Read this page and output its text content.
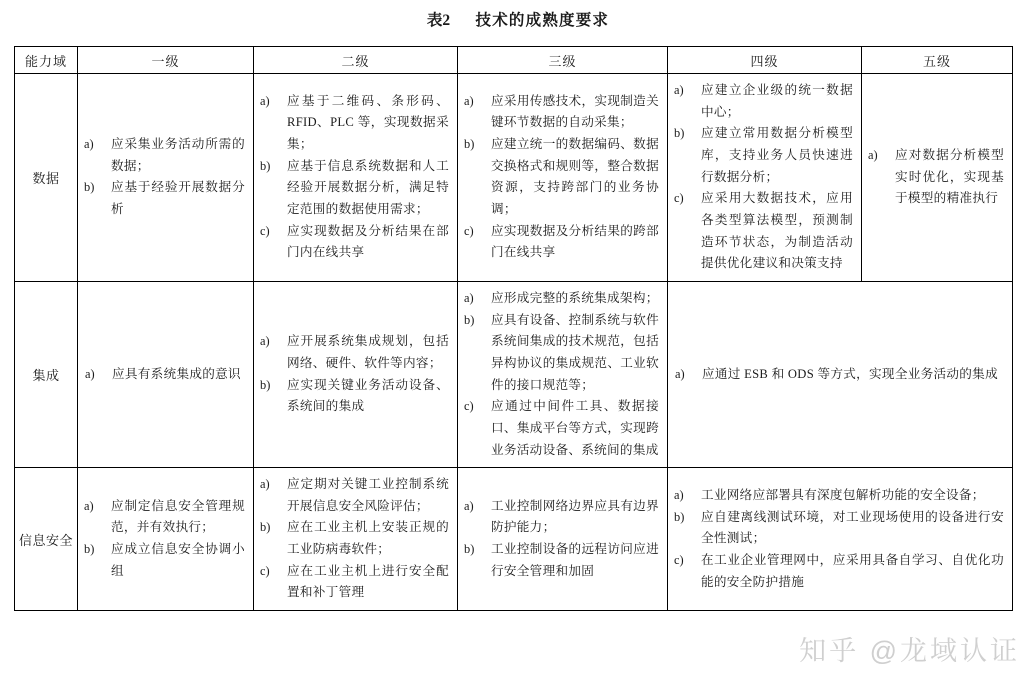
表2 技术的成熟度要求
能力域	一级	二级	三级	四级	五级
数据	
a)	应采集业务活动所需的数据；
b)	应基于经验开展数据分析

a)	应基于二维码、条形码、RFID、PLC 等，实现数据采集；
b)	应基于信息系统数据和人工经验开展数据分析，满足特定范围的数据使用需求；
c)	应实现数据及分析结果在部门内在线共享

a)	应采用传感技术，实现制造关键环节数据的自动采集；
b)	应建立统一的数据编码、数据交换格式和规则等，整合数据资源，支持跨部门的业务协调；
c)	应实现数据及分析结果的跨部门在线共享

a)	应建立企业级的统一数据中心；
b)	应建立常用数据分析模型库，支持业务人员快速进行数据分析；
c)	应采用大数据技术，应用各类型算法模型，预测制造环节状态，为制造活动提供优化建议和决策支持

a)	应对数据分析模型实时优化，实现基于模型的精准执行

集成	a)	应具有系统集成的意识

a)	应开展系统集成规划，包括网络、硬件、软件等内容；
b)	应实现关键业务活动设备、系统间的集成

a)	应形成完整的系统集成架构；
b)	应具有设备、控制系统与软件系统间集成的技术规范，包括异构协议的集成规范、工业软件的接口规范等；
c)	应通过中间件工具、数据接口、集成平台等方式，实现跨业务活动设备、系统间的集成

a)	应通过 ESB 和 ODS 等方式，实现全业务活动的集成

信息安全	
a)	应制定信息安全管理规范，并有效执行；
b)	应成立信息安全协调小组

a)	应定期对关键工业控制系统开展信息安全风险评估；
b)	应在工业主机上安装正规的工业防病毒软件；
c)	应在工业主机上进行安全配置和补丁管理

a)	工业控制网络边界应具有边界防护能力；
b)	工业控制设备的远程访问应进行安全管理和加固

a)	工业网络应部署具有深度包解析功能的安全设备；
b)	应自建离线测试环境，对工业现场使用的设备进行安全性测试；
c)	在工业企业管理网中，应采用具备自学习、自优化功能的安全防护措施
知乎 @龙域认证
